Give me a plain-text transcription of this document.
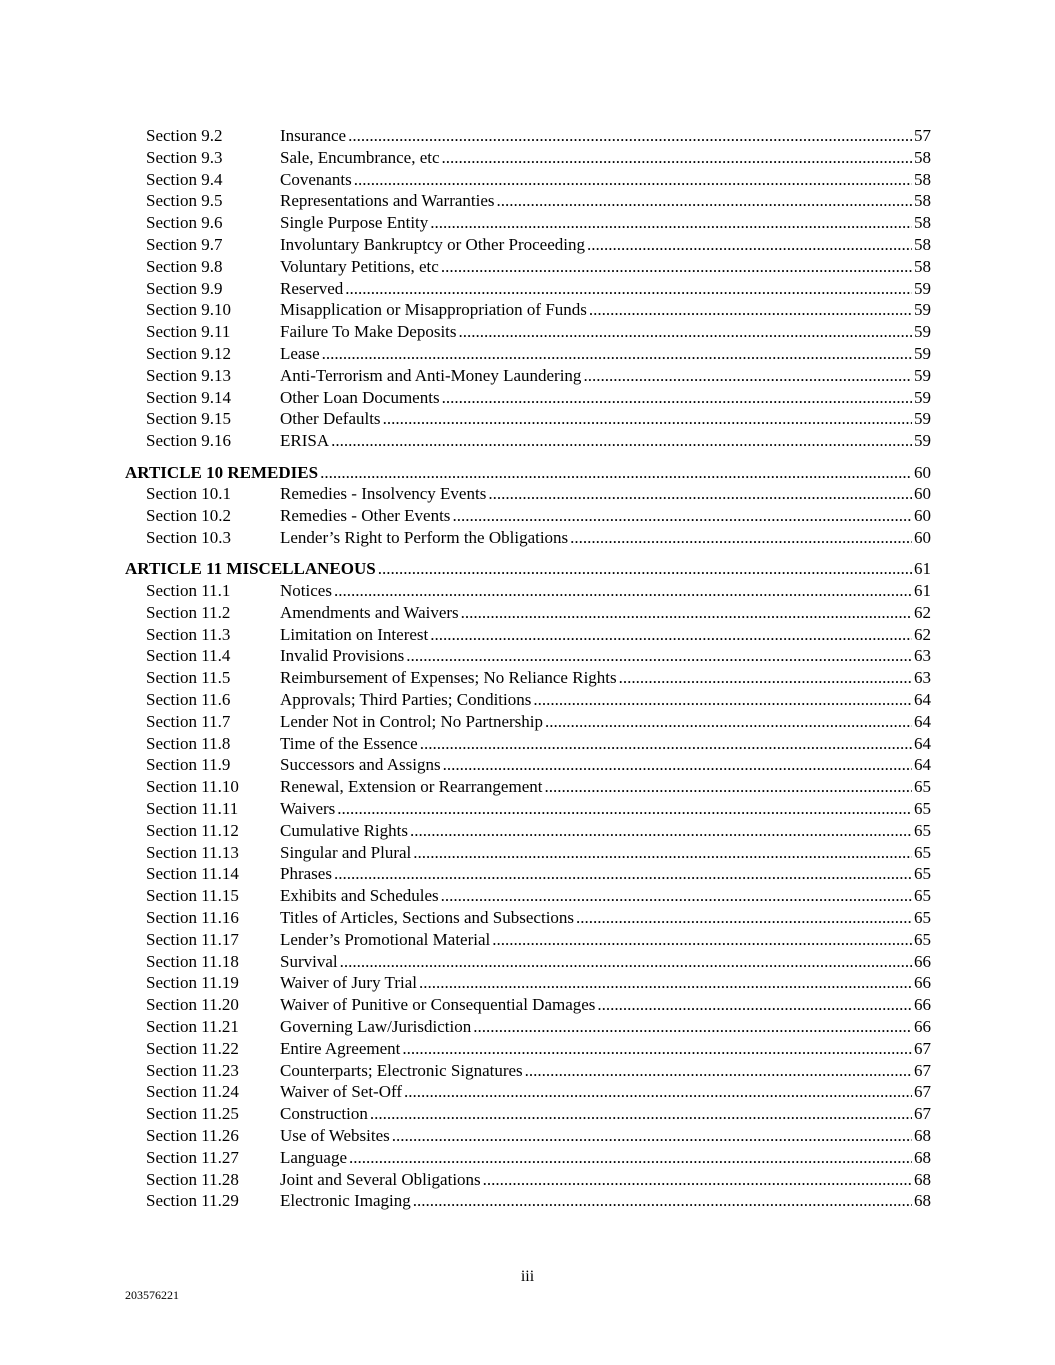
Section 9.2	Insurance .....	57
Section 9.3	Sale, Encumbrance, etc .....	58
Section 9.4	Covenants .....	58
Section 9.5	Representations and Warranties .....	58
Section 9.6	Single Purpose Entity .....	58
Section 9.7	Involuntary Bankruptcy or Other Proceeding .....	58
Section 9.8	Voluntary Petitions, etc .....	58
Section 9.9	Reserved .....	59
Section 9.10	Misapplication or Misappropriation of Funds .....	59
Section 9.11	Failure To Make Deposits .....	59
Section 9.12	Lease .....	59
Section 9.13	Anti-Terrorism and Anti-Money Laundering .....	59
Section 9.14	Other Loan Documents .....	59
Section 9.15	Other Defaults .....	59
Section 9.16	ERISA .....	59
ARTICLE 10 REMEDIES .....	60
Section 10.1	Remedies - Insolvency Events .....	60
Section 10.2	Remedies - Other Events .....	60
Section 10.3	Lender’s Right to Perform the Obligations .....	60
ARTICLE 11 MISCELLANEOUS .....	61
Section 11.1	Notices .....	61
Section 11.2	Amendments and Waivers .....	62
Section 11.3	Limitation on Interest .....	62
Section 11.4	Invalid Provisions .....	63
Section 11.5	Reimbursement of Expenses; No Reliance Rights .....	63
Section 11.6	Approvals; Third Parties; Conditions .....	64
Section 11.7	Lender Not in Control; No Partnership .....	64
Section 11.8	Time of the Essence .....	64
Section 11.9	Successors and Assigns .....	64
Section 11.10	Renewal, Extension or Rearrangement .....	65
Section 11.11	Waivers .....	65
Section 11.12	Cumulative Rights .....	65
Section 11.13	Singular and Plural .....	65
Section 11.14	Phrases .....	65
Section 11.15	Exhibits and Schedules .....	65
Section 11.16	Titles of Articles, Sections and Subsections .....	65
Section 11.17	Lender’s Promotional Material .....	65
Section 11.18	Survival .....	66
Section 11.19	Waiver of Jury Trial .....	66
Section 11.20	Waiver of Punitive or Consequential Damages .....	66
Section 11.21	Governing Law/Jurisdiction .....	66
Section 11.22	Entire Agreement .....	67
Section 11.23	Counterparts; Electronic Signatures .....	67
Section 11.24	Waiver of Set-Off .....	67
Section 11.25	Construction .....	67
Section 11.26	Use of Websites .....	68
Section 11.27	Language .....	68
Section 11.28	Joint and Several Obligations .....	68
Section 11.29	Electronic Imaging .....	68
iii
203576221
